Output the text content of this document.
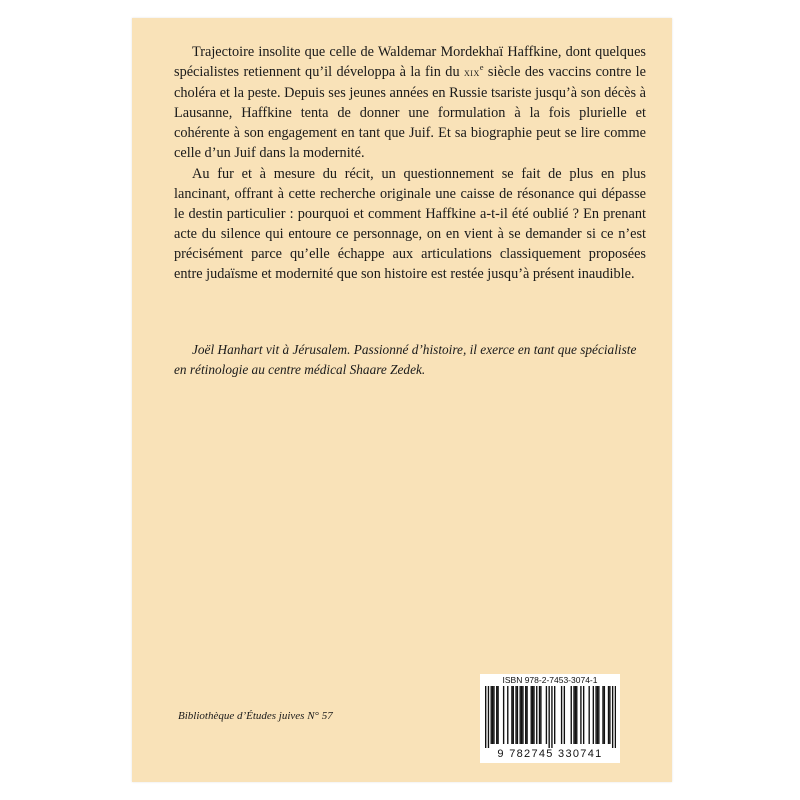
Trajectoire insolite que celle de Waldemar Mordekhaï Haffkine, dont quelques spécialistes retiennent qu’il développa à la fin du xix$^e$ siècle des vaccins contre le choléra et la peste. Depuis ses jeunes années en Russie tsariste jusqu’à son décès à Lausanne, Haffkine tenta de donner une formulation à la fois plurielle et cohérente à son engagement en tant que Juif. Et sa biographie peut se lire comme celle d’un Juif dans la modernité.

Au fur et à mesure du récit, un questionnement se fait de plus en plus lancinant, offrant à cette recherche originale une caisse de résonance qui dépasse le destin particulier : pourquoi et comment Haffkine a-t-il été oublié ? En prenant acte du silence qui entoure ce personnage, on en vient à se demander si ce n’est précisément parce qu’elle échappe aux articulations classiquement proposées entre judaïsme et modernité que son histoire est restée jusqu’à présent inaudible.

Joël Hanhart vit à Jérusalem. Passionné d’histoire, il exerce en tant que spécialiste en rétinologie au centre médical Shaare Zedek.
Bibliothèque d’Études juives N° 57
ISBN 978-2-7453-3074-1
9 782745 330741
